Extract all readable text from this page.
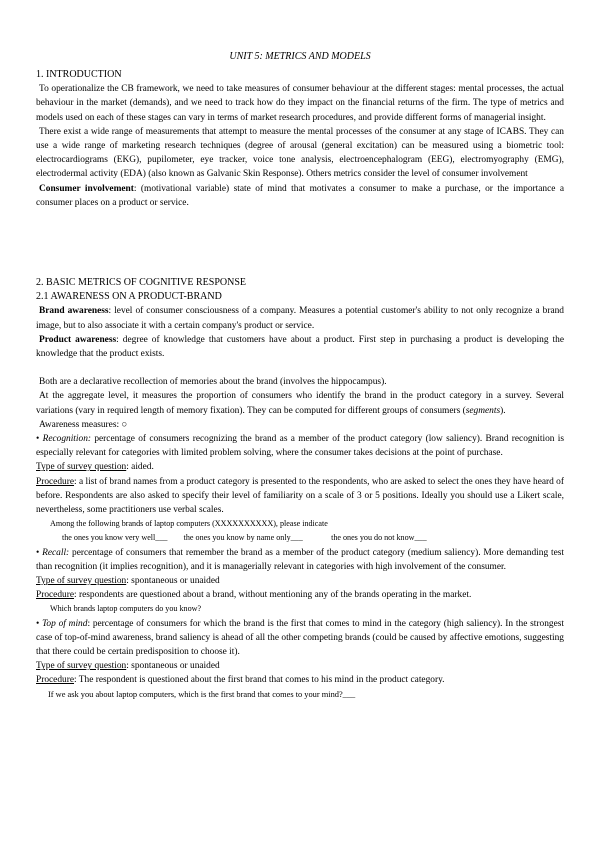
UNIT 5: METRICS AND MODELS
1. INTRODUCTION

To operationalize the CB framework, we need to take measures of consumer behaviour at the different stages: mental processes, the actual behaviour in the market (demands), and we need to track how do they impact on the financial returns of the firm. The type of metrics and models used on each of these stages can vary in terms of market research procedures, and provide different forms of managerial insight.

There exist a wide range of measurements that attempt to measure the mental processes of the consumer at any stage of ICABS. They can use a wide range of marketing research techniques (degree of arousal (general excitation) can be measured using a biometric tool: electrocardiograms (EKG), pupilometer, eye tracker, voice tone analysis, electroencephalogram (EEG), electromyography (EMG), electrodermal activity (EDA) (also known as Galvanic Skin Response). Others metrics consider the level of consumer involvement

Consumer involvement: (motivational variable) state of mind that motivates a consumer to make a purchase, or the importance a consumer places on a product or service.

2. BASIC METRICS OF COGNITIVE RESPONSE
2.1 AWARENESS ON A PRODUCT-BRAND

Brand awareness: level of consumer consciousness of a company. Measures a potential customer's ability to not only recognize a brand image, but to also associate it with a certain company's product or service.

Product awareness: degree of knowledge that customers have about a product. First step in purchasing a product is developing the knowledge that the product exists.

Both are a declarative recollection of memories about the brand (involves the hippocampus).

At the aggregate level, it measures the proportion of consumers who identify the brand in the product category in a survey. Several variations (vary in required length of memory fixation). They can be computed for different groups of consumers (segments).

Awareness measures: ○

• Recognition: percentage of consumers recognizing the brand as a member of the product category (low saliency). Brand recognition is especially relevant for categories with limited problem solving, where the consumer takes decisions at the point of purchase.

Type of survey question: aided.

Procedure: a list of brand names from a product category is presented to the respondents, who are asked to select the ones they have heard of before. Respondents are also asked to specify their level of familiarity on a scale of 3 or 5 positions. Ideally you should use a Likert scale, nevertheless, some practitioners use verbal scales.

Among the following brands of laptop computers (XXXXXXXXXX), please indicate
the ones you know very well___        the ones you know by name only___              the ones you do not know___

• Recall: percentage of consumers that remember the brand as a member of the product category (medium saliency). More demanding test than recognition (it implies recognition), and it is managerially relevant in categories with high involvement of the consumer.

Type of survey question: spontaneous or unaided

Procedure: respondents are questioned about a brand, without mentioning any of the brands operating in the market.

Which brands laptop computers do you know?

• Top of mind: percentage of consumers for which the brand is the first that comes to mind in the category (high saliency). In the strongest case of top-of-mind awareness, brand saliency is ahead of all the other competing brands (could be caused by affective emotions, suggesting that there could be certain predisposition to choose it).

Type of survey question: spontaneous or unaided

Procedure: The respondent is questioned about the first brand that comes to his mind in the product category.

If we ask you about laptop computers, which is the first brand that comes to your mind?___
